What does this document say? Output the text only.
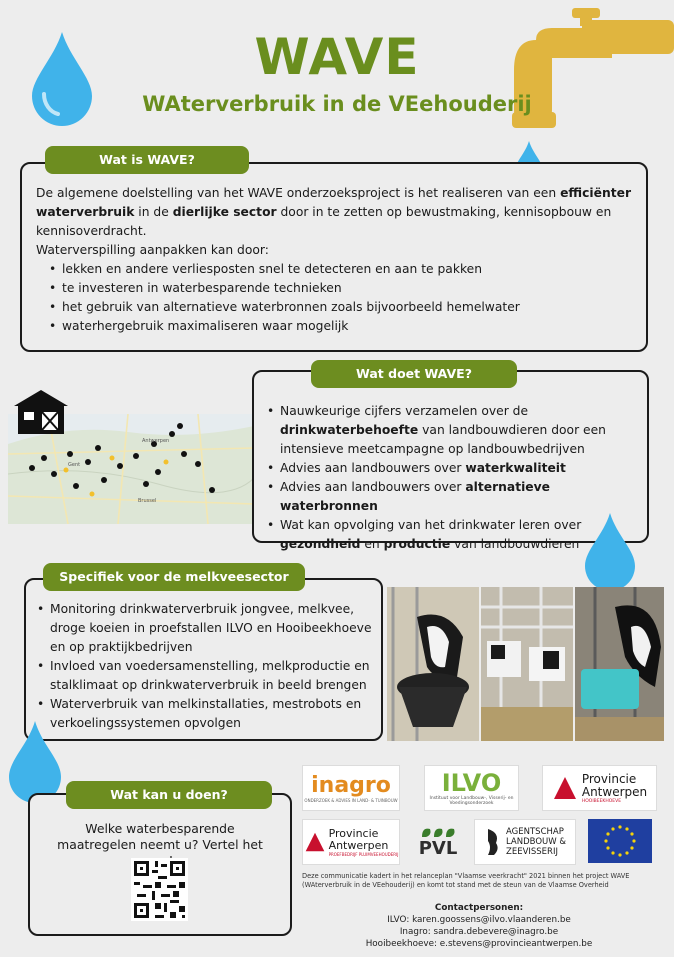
WAVE
WAterverbruik in de VEehouderij
Wat is WAVE?
De algemene doelstelling van het WAVE onderzoeksproject is het realiseren van een efficiënter waterverbruik in de dierlijke sector door in te zetten op bewustmaking, kennisopbouw en kennisoverdracht.
Waterverspilling aanpakken kan door:
• lekken en andere verliesposten snel te detecteren en aan te pakken
• te investeren in waterbesparende technieken
• het gebruik van alternatieve waterbronnen zoals bijvoorbeeld hemelwater
• waterhergebruik maximaliseren waar mogelijk
Antwerpen
Gent
Brussel
Wat doet WAVE?
• Nauwkeurige cijfers verzamelen over de drinkwaterbehoefte van landbouwdieren door een intensieve meetcampagne op landbouwbedrijven
• Advies aan landbouwers over waterkwaliteit
• Advies aan landbouwers over alternatieve waterbronnen
• Wat kan opvolging van het drinkwater leren over gezondheid en productie van landbouwdieren
Specifiek voor de melkveesector
• Monitoring drinkwaterverbruik jongvee, melkvee, droge koeien in proefstallen ILVO en Hooibeekhoeve en op praktijkbedrijven
• Invloed van voedersamenstelling, melkproductie en stalklimaat op drinkwaterverbruik in beeld brengen
• Waterverbruik van melkinstallaties, mestrobots en verkoelingssystemen opvolgen
Wat kan u doen?
Welke waterbesparende maatregelen neemt u? Vertel het
inagro
ONDERZOEK & ADVIES IN LAND- & TUINBOUW
ILVO
Instituut voor Landbouw-, Visserij- en Voedingsonderzoek
Provincie
Antwerpen
HOOIBEEKHOEVE
Provincie
Antwerpen
PROEFBEDRIJF PLUIMVEEHOUDERIJ PVL
AGENTSCHAP
LANDBOUW &
ZEEVISSERIJ
Deze communicatie kadert in het relanceplan "Vlaamse veerkracht" 2021 binnen het project WAVE (WAterverbruik in de VEehouderij) en komt tot stand met de steun van de Vlaamse Overheid
Contactpersonen:
ILVO: karen.goossens@ilvo.vlaanderen.be
Inagro: sandra.debevere@inagro.be
Hooibeekhoeve: e.stevens@provincieantwerpen.be
